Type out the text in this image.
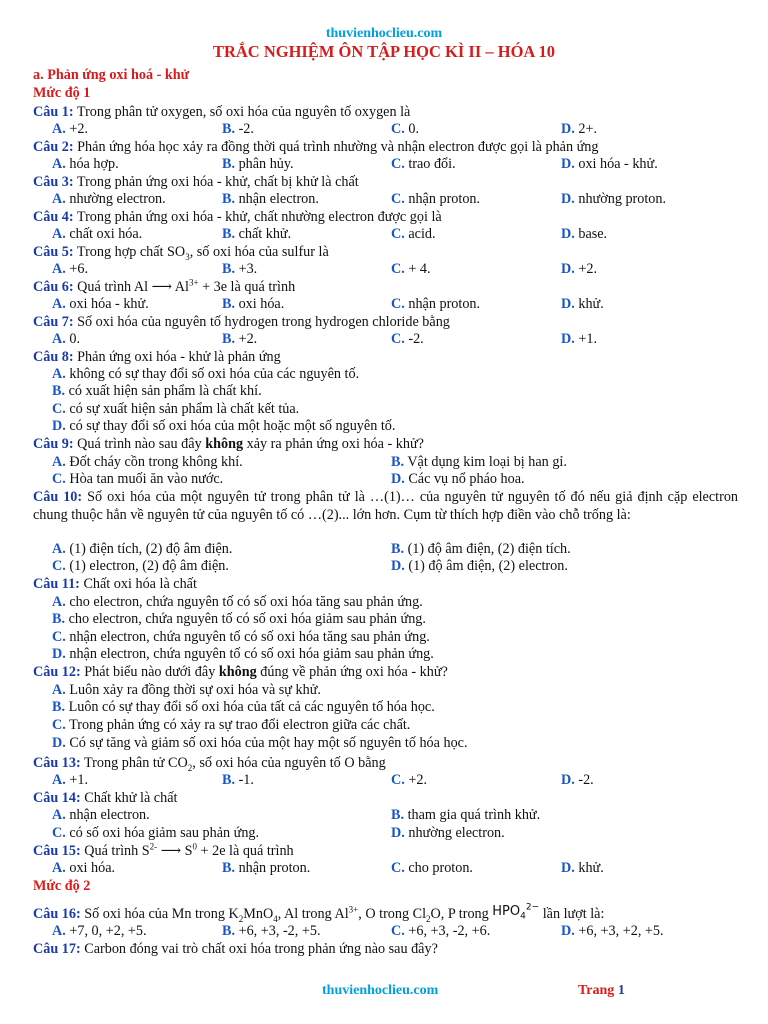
thuvienhoclieu.com
TRẮC NGHIỆM ÔN TẬP HỌC KÌ II – HÓA 10
a. Phản ứng oxi hoá - khử
Mức độ 1
Câu 1: Trong phân tử oxygen, số oxi hóa của nguyên tố oxygen là
A. +2.	B. -2.	C. 0.	D. 2+.
Câu 2: Phản ứng hóa học xảy ra đồng thời quá trình nhường và nhận electron được gọi là phản ứng
A. hóa hợp.	B. phân hủy.	C. trao đổi.	D. oxi hóa - khử.
Câu 3: Trong phản ứng oxi hóa - khử, chất bị khử là chất
A. nhường electron.	B. nhận electron.	C. nhận proton.	D. nhường proton.
Câu 4: Trong phản ứng oxi hóa - khử, chất nhường electron được gọi là
A. chất oxi hóa.	B. chất khử.	C. acid.	D. base.
Câu 5: Trong hợp chất $SO_3$, số oxi hóa của sulfur là
A. +6.	B. +3.	C. + 4.	D. +2.
Câu 6: Quá trình Al ⟶ $Al^{3+} + 3e$ là quá trình
A. oxi hóa - khử.	B. oxi hóa.	C. nhận proton.	D. khử.
Câu 7: Số oxi hóa của nguyên tố hydrogen trong hydrogen chloride bằng
A. 0.	B. +2.	C. -2.	D. +1.
Câu 8: Phản ứng oxi hóa - khử là phản ứng
A. không có sự thay đổi số oxi hóa của các nguyên tố.
B. có xuất hiện sản phẩm là chất khí.
C. có sự xuất hiện sản phẩm là chất kết tủa.
D. có sự thay đổi số oxi hóa của một hoặc một số nguyên tố.
Câu 9: Quá trình nào sau đây không xảy ra phản ứng oxi hóa - khử?
A. Đốt cháy cồn trong không khí.	B. Vật dụng kim loại bị han gỉ.
C. Hòa tan muối ăn vào nước.	D. Các vụ nổ pháo hoa.
Câu 10: Số oxi hóa của một nguyên tử trong phân tử là …(1)… của nguyên tử nguyên tố đó nếu giả định cặp electron chung thuộc hẳn về nguyên tử của nguyên tố có …(2)... lớn hơn. Cụm từ thích hợp điền vào chỗ trống là:
A. (1) điện tích, (2) độ âm điện.	B. (1) độ âm điện, (2) điện tích.
C. (1) electron, (2) độ âm điện.	D. (1) độ âm điện, (2) electron.
Câu 11: Chất oxi hóa là chất
A. cho electron, chứa nguyên tố có số oxi hóa tăng sau phản ứng.
B. cho electron, chứa nguyên tố có số oxi hóa giảm sau phản ứng.
C. nhận electron, chứa nguyên tố có số oxi hóa tăng sau phản ứng.
D. nhận electron, chứa nguyên tố có số oxi hóa giảm sau phản ứng.
Câu 12: Phát biểu nào dưới đây không đúng về phản ứng oxi hóa - khử?
A. Luôn xảy ra đồng thời sự oxi hóa và sự khử.
B. Luôn có sự thay đổi số oxi hóa của tất cả các nguyên tố hóa học.
C. Trong phản ứng có xảy ra sự trao đổi electron giữa các chất.
D. Có sự tăng và giảm số oxi hóa của một hay một số nguyên tố hóa học.
Câu 13: Trong phân tử $CO_2$, số oxi hóa của nguyên tố O bằng
A. +1.	B. -1.	C. +2.	D. -2.
Câu 14: Chất khử là chất
A. nhận electron.	B. tham gia quá trình khử.
C. có số oxi hóa giảm sau phản ứng.	D. nhường electron.
Câu 15: Quá trình $S^{2-}$ ⟶ $S^0 + 2e$ là quá trình
A. oxi hóa.	B. nhận proton.	C. cho proton.	D. khử.
Mức độ 2
Câu 16: Số oxi hóa của Mn trong $K_2MnO_4$, Al trong $Al^{3+}$, O trong $Cl_2O$, P trong $HPO_4^{2-}$ lần lượt là:
A. +7, 0, +2, +5.	B. +6, +3, -2, +5.	C. +6, +3, -2, +6.	D. +6, +3, +2, +5.
Câu 17: Carbon đóng vai trò chất oxi hóa trong phản ứng nào sau đây?
thuvienhoclieu.com	Trang 1
